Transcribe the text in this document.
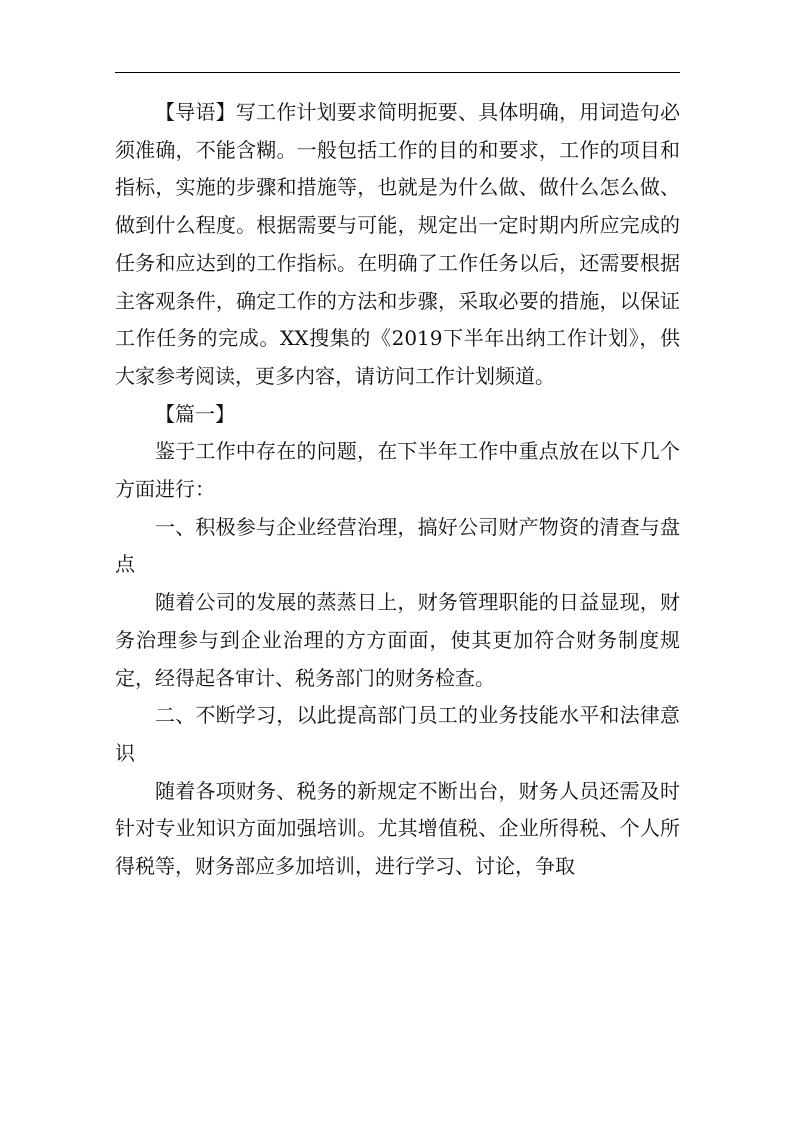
【导语】写工作计划要求简明扼要、具体明确，用词造句必须准确，不能含糊。一般包括工作的目的和要求，工作的项目和指标，实施的步骤和措施等，也就是为什么做、做什么怎么做、做到什么程度。根据需要与可能，规定出一定时期内所应完成的任务和应达到的工作指标。在明确了工作任务以后，还需要根据主客观条件，确定工作的方法和步骤，采取必要的措施，以保证工作任务的完成。XX搜集的《2019下半年出纳工作计划》，供大家参考阅读，更多内容，请访问工作计划频道。

【篇一】

鉴于工作中存在的问题，在下半年工作中重点放在以下几个方面进行：

一、积极参与企业经营治理，搞好公司财产物资的清查与盘点

随着公司的发展的蒸蒸日上，财务管理职能的日益显现，财务治理参与到企业治理的方方面面，使其更加符合财务制度规定，经得起各审计、税务部门的财务检查。

二、不断学习，以此提高部门员工的业务技能水平和法律意识

随着各项财务、税务的新规定不断出台，财务人员还需及时针对专业知识方面加强培训。尤其增值税、企业所得税、个人所得税等，财务部应多加培训，进行学习、讨论，争取
